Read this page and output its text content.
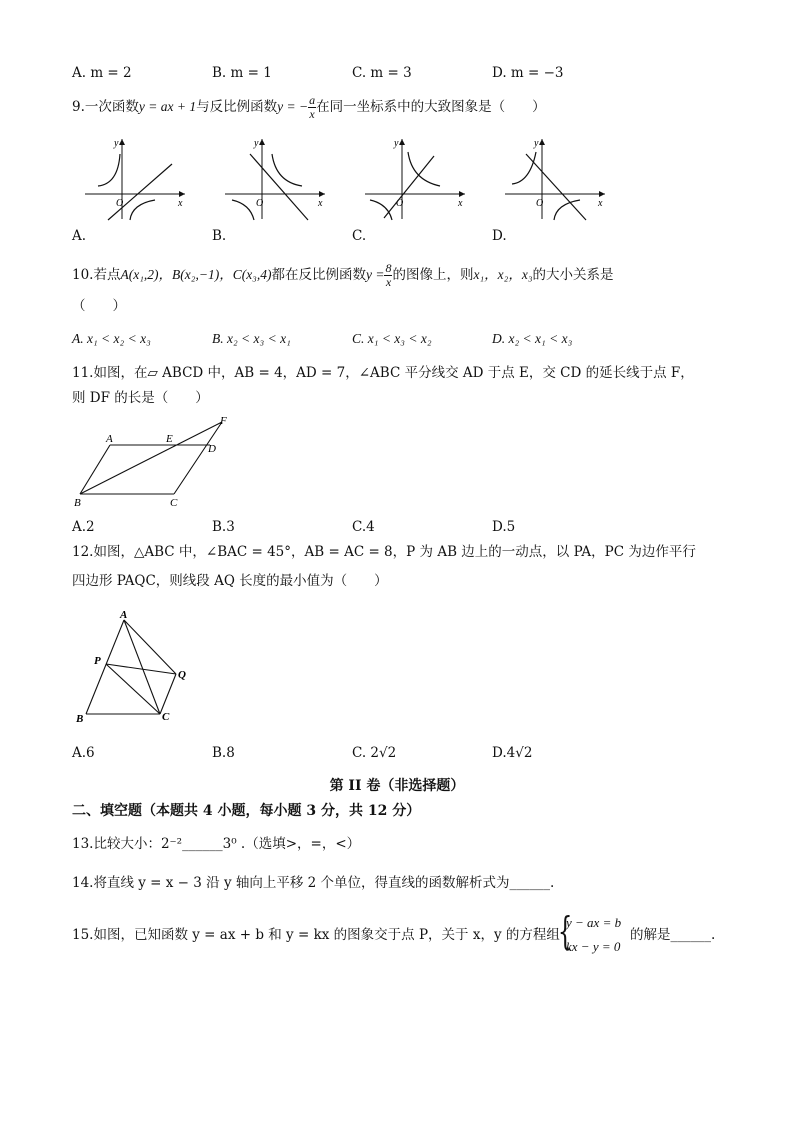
A. m = 2	B. m = 1	C. m = 3	D. m = −3
9.一次函数y = ax + 1与反比例函数y = − $\frac{a}{x}$ 在同一坐标系中的大致图象是（　　）
y
x
O
y
x
O
y
x
O
y
x
O
A.	B.	C.	D.
10.若点A(x₁,2)，B(x₂,−1)，C(x₃,4)都在反比例函数$y = \frac{8}{x}$ 的图像上，则x₁，x₂，x₃的大小关系是
（　　）
A. x₁ < x₂ < x₃	B. x₂ < x₃ < x₁	C. x₁ < x₃ < x₂	D. x₂ < x₁ < x₃
11.如图，在▱ ABCD 中，AB = 4，AD = 7，∠ABC 平分线交 AD 于点 E，交 CD 的延长线于点 F，
则 DF 的长是（　　）
A	E
D
F
B	C
A.2	B.3	C.4	D.5
12.如图，△ABC 中，∠BAC = 45°，AB = AC = 8，P 为 AB 边上的一动点，以 PA，PC 为边作平行
四边形 PAQC，则线段 AQ 长度的最小值为（　　）
A
P
Q
B	C
A.6	B.8	C. 2√2	D.4√2
第 II 卷（非选择题）
二、填空题（本题共 4 小题，每小题 3 分，共 12 分）
13.比较大小：2⁻²______3⁰ .（选填>，=，<）
14.将直线 y = x − 3 沿 y 轴向上平移 2 个单位，得直线的函数解析式为______.
15.如图，已知函数 y = ax + b 和 y = kx 的图象交于点 P，关于 x，y 的方程组
{
y − ax = b
kx − y = 0
的解是______.
